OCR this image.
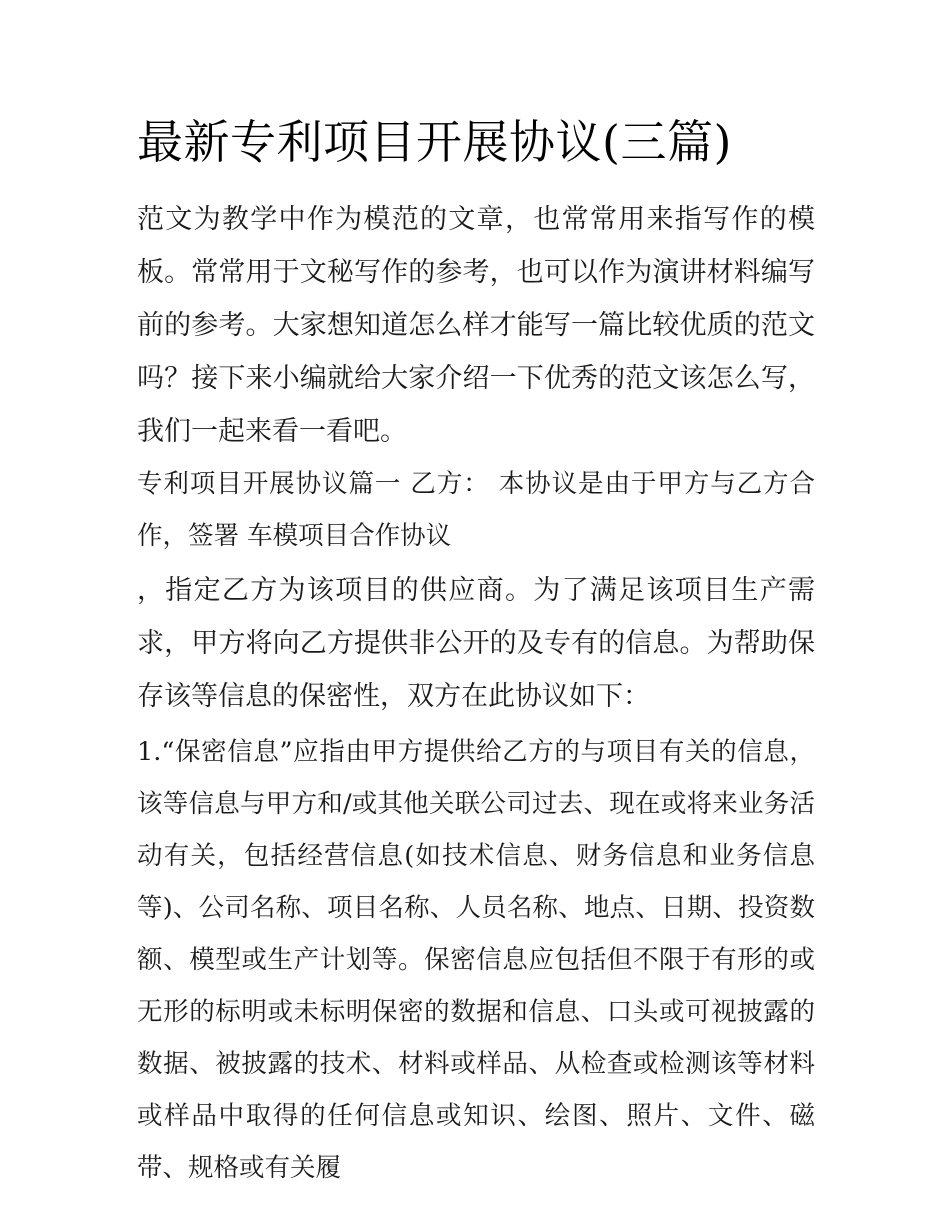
最新专利项目开展协议(三篇)

范文为教学中作为模范的文章，也常常用来指写作的模板。常常用于文秘写作的参考，也可以作为演讲材料编写前的参考。大家想知道怎么样才能写一篇比较优质的范文吗？接下来小编就给大家介绍一下优秀的范文该怎么写，我们一起来看一看吧。

专利项目开展协议篇一 乙方： 本协议是由于甲方与乙方合作，签署 车模项目合作协议

，指定乙方为该项目的供应商。为了满足该项目生产需求，甲方将向乙方提供非公开的及专有的信息。为帮助保存该等信息的保密性，双方在此协议如下：

1.“保密信息”应指由甲方提供给乙方的与项目有关的信息，该等信息与甲方和/或其他关联公司过去、现在或将来业务活动有关，包括经营信息(如技术信息、财务信息和业务信息等)、公司名称、项目名称、人员名称、地点、日期、投资数额、模型或生产计划等。保密信息应包括但不限于有形的或无形的标明或未标明保密的数据和信息、口头或可视披露的数据、被披露的技术、材料或样品、从检查或检测该等材料或样品中取得的任何信息或知识、绘图、照片、文件、磁带、规格或有关履
